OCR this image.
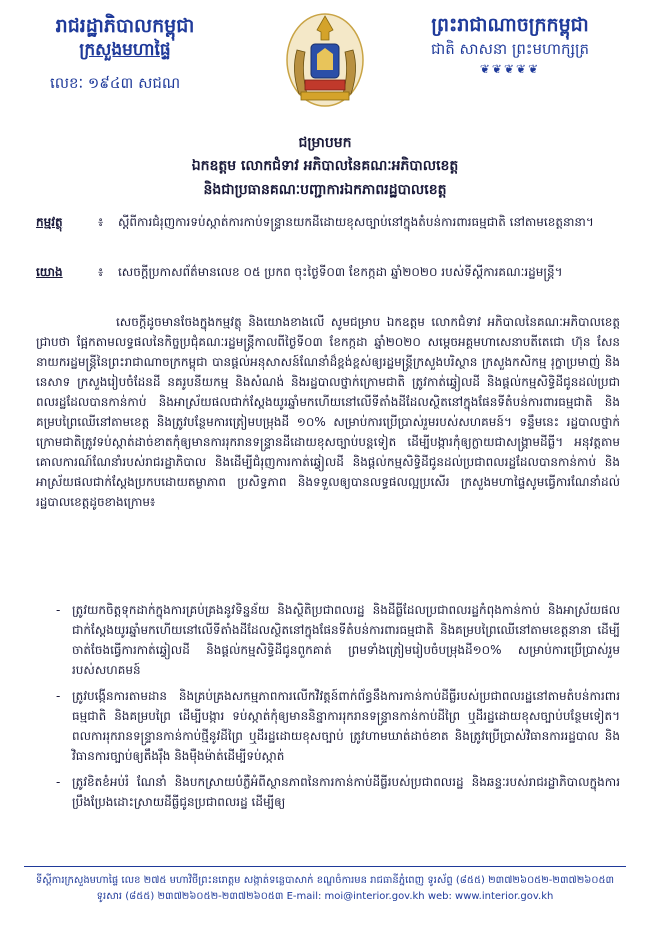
រាជរដ្ឋាភិបាលកម្ពុជា
ក្រសួងមហាផ្ទៃ
លេខៈ ១៩៤៣ សជណ
ព្រះរាជាណាចក្រកម្ពុជា
ជាតិ សាសនា ព្រះមហាក្សត្រ
❦❦❦❦❦
ជម្រាបមក
ឯកឧត្តម លោកជំទាវ អភិបាលនៃគណៈអភិបាលខេត្ត
និងជាប្រធានគណៈបញ្ជាការឯកភាពរដ្ឋបាលខេត្ត
កម្មវត្ថុ	៖ ស្តីពីការជំរុញការទប់ស្កាត់ការកាប់ទន្ទ្រានយកដីដោយខុសច្បាប់នៅក្នុងតំបន់ការពារធម្មជាតិ នៅតាមខេត្តនានា។
យោង	៖ សេចក្តីប្រកាសព័ត៌មានលេខ ០៥ ប្រកព ចុះថ្ងៃទី០៣ ខែកក្កដា ឆ្នាំ២០២០ របស់ទីស្តីការគណៈរដ្ឋមន្ត្រី។
សេចក្តីដូចមានចែងក្នុងកម្មវត្ថុ និងយោងខាងលើ សូមជម្រាប ឯកឧត្តម លោកជំទាវ អភិបាលនៃគណៈអភិបាលខេត្ត ជ្រាបថា ផ្អែកតាមលទ្ធផលនៃកិច្ចប្រជុំគណៈរដ្ឋមន្ត្រីកាលពីថ្ងៃទី០៣ ខែកក្កដា ឆ្នាំ២០២០ សម្តេចអគ្គមហាសេនាបតីតេជោ ហ៊ុន សែន នាយករដ្ឋមន្ត្រីនៃព្រះរាជាណាចក្រកម្ពុជា បានផ្តល់អនុសាសន៍ណែនាំដ៏ខ្ពង់ខ្ពស់ឲ្យរដ្ឋមន្ត្រីក្រសួងបរិស្ថាន ក្រសួងកសិកម្ម រុក្ខាប្រមាញ់ និងនេសាទ ក្រសួងរៀបចំដែនដី នគរូបនីយកម្ម និងសំណង់ និងរដ្ឋបាលថ្នាក់ក្រោមជាតិ ត្រូវកាត់ឆ្វៀលដី និងផ្តល់កម្មសិទ្ធិដីជូនដល់ប្រជាពលរដ្ឋដែលបានកាន់កាប់ និងអាស្រ័យផលជាក់ស្តែងយូរឆ្នាំមកហើយនៅលើទីតាំងដីដែលស្ថិតនៅក្នុងផែនទីតំបន់ការពារធម្មជាតិ និងគម្របព្រៃឈើនៅតាមខេត្ត និងត្រូវបន្ថែមការត្រៀមបម្រុងដី ១០% សម្រាប់ការប្រើប្រាស់រួមរបស់សហគមន៍។ ទន្ទឹមនេះ រដ្ឋបាលថ្នាក់ក្រោមជាតិត្រូវទប់ស្កាត់ដាច់ខាតកុំឲ្យមានការរុករានទន្ទ្រានដីដោយខុសច្បាប់បន្តទៀត ដើម្បីបង្ការកុំឲ្យក្លាយជាសង្គ្រាមដីធ្លី។ អនុវត្តតាមគោលការណ៍ណែនាំរបស់រាជរដ្ឋាភិបាល និងដើម្បីជំរុញការកាត់ឆ្វៀលដី និងផ្តល់កម្មសិទ្ធិដីជូនដល់ប្រជាពលរដ្ឋដែលបានកាន់កាប់ និងអាស្រ័យផលជាក់ស្តែងប្រកបដោយតម្លាភាព ប្រសិទ្ធភាព និងទទួលឲ្យបានលទ្ធផលល្អប្រសើរ ក្រសួងមហាផ្ទៃសូមធ្វើការណែនាំដល់រដ្ឋបាលខេត្តដូចខាងក្រោម៖
- ត្រូវយកចិត្តទុកដាក់ក្នុងការគ្រប់គ្រងនូវទិន្នន័យ និងស្ថិតិប្រជាពលរដ្ឋ និងដីធ្លីដែលប្រជាពលរដ្ឋកំពុងកាន់កាប់ និងអាស្រ័យផលជាក់ស្តែងយូរឆ្នាំមកហើយនៅលើទីតាំងដីដែលស្ថិតនៅក្នុងផែនទីតំបន់ការពារធម្មជាតិ និងគម្របព្រៃឈើនៅតាមខេត្តនានា ដើម្បីចាត់ចែងធ្វើការកាត់ឆ្វៀលដី និងផ្តល់កម្មសិទ្ធិដីជូនពួកគាត់ ព្រមទាំងត្រៀមរៀបចំបម្រុងដី១០% សម្រាប់ការប្រើប្រាស់រួមរបស់សហគមន៍
- ត្រូវបង្កើនការតាមដាន និងគ្រប់គ្រងសកម្មភាពការលើកវិវត្តន៍ពាក់ព័ន្ធនឹងការកាន់កាប់ដីធ្លីរបស់ប្រជាពលរដ្ឋនៅតាមតំបន់ការពារធម្មជាតិ និងគម្របព្រៃ ដើម្បីបង្ការ ទប់ស្កាត់កុំឲ្យមាននិន្នាការរុករានទន្ទ្រានកាន់កាប់ដីព្រៃ ឬដីរដ្ឋដោយខុសច្បាប់បន្ថែមទៀត។ ពលការរុករានទន្ទ្រានកាន់កាប់ថ្មីនូវដីព្រៃ ឬដីរដ្ឋដោយខុសច្បាប់ ត្រូវហាមឃាត់ដាច់ខាត និងត្រូវប្រើប្រាស់វិធានការរដ្ឋបាល និងវិធានការច្បាប់ឲ្យតឹងរ៉ឹង និងម៉ឺងម៉ាត់ដើម្បីទប់ស្កាត់
- ត្រូវខិតខំអប់រំ ណែនាំ និងបកស្រាយបំភ្លឺអំពីស្ថានភាពនៃការកាន់កាប់ដីធ្លីរបស់ប្រជាពលរដ្ឋ និងឆន្ទៈរបស់រាជរដ្ឋាភិបាលក្នុងការប្រឹងប្រែងដោះស្រាយដីធ្លីជូនប្រជាពលរដ្ឋ ដើម្បីឲ្យ
ទីស្តីការក្រសួងមហាផ្ទៃ លេខ ២៧៥ មហាវិថីព្រះនរោត្តម សង្កាត់ទន្លេបាសាក់ ខណ្ឌចំការមន រាជធានីភ្នំពេញ ទូរស័ព្ទ (៨៥៥) ២៣៧២៦០៥២-២៣៧២៦០៥៣
ទូរសារ (៨៥៥) ២៣៧២៦០៥២-២៣៧២៦០៥៣ E-mail: moi@interior.gov.kh web: www.interior.gov.kh
